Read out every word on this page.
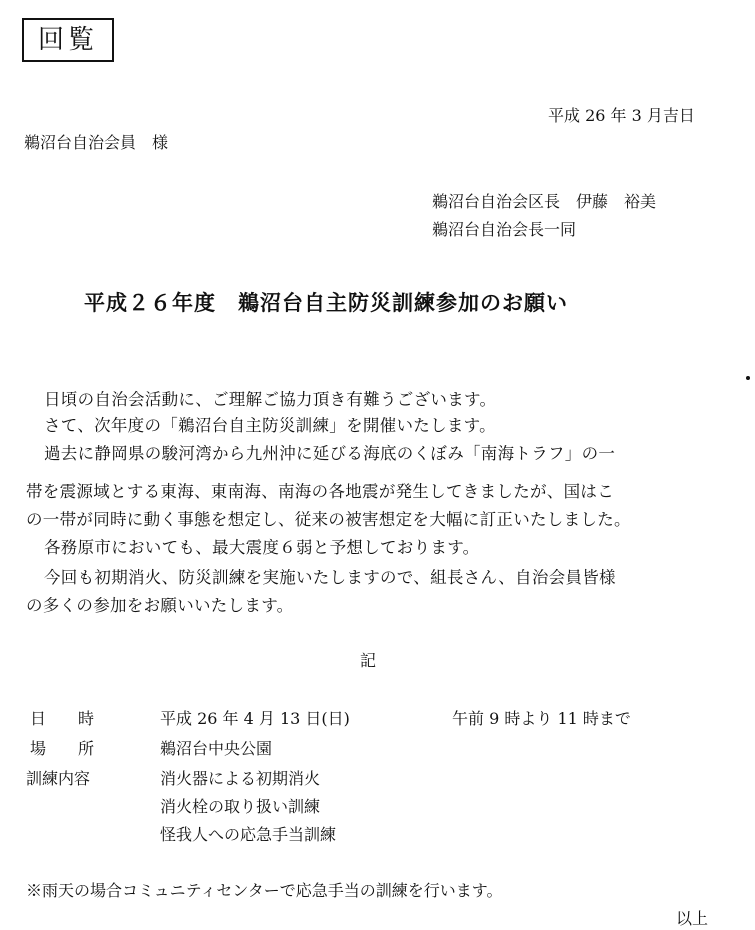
回覧
平成 26 年 3 月吉日
鵜沼台自治会員　様
鵜沼台自治会区長　伊藤　裕美
鵜沼台自治会長一同
平成２６年度　鵜沼台自主防災訓練参加のお願い
日頃の自治会活動に、ご理解ご協力頂き有難うございます。
さて、次年度の「鵜沼台自主防災訓練」を開催いたします。
過去に静岡県の駿河湾から九州沖に延びる海底のくぼみ「南海トラフ」の一
帯を震源域とする東海、東南海、南海の各地震が発生してきましたが、国はこ
の一帯が同時に動く事態を想定し、従来の被害想定を大幅に訂正いたしました。
各務原市においても、最大震度６弱と予想しております。
今回も初期消火、防災訓練を実施いたしますので、組長さん、自治会員皆様
の多くの参加をお願いいたします。
記
日　　時	平成 26 年 4 月 13 日(日)	午前 9 時より 11 時まで
場　　所	鵜沼台中央公園
訓練内容	消火器による初期消火
消火栓の取り扱い訓練
怪我人への応急手当訓練
※雨天の場合コミュニティセンターで応急手当の訓練を行います。
以上
